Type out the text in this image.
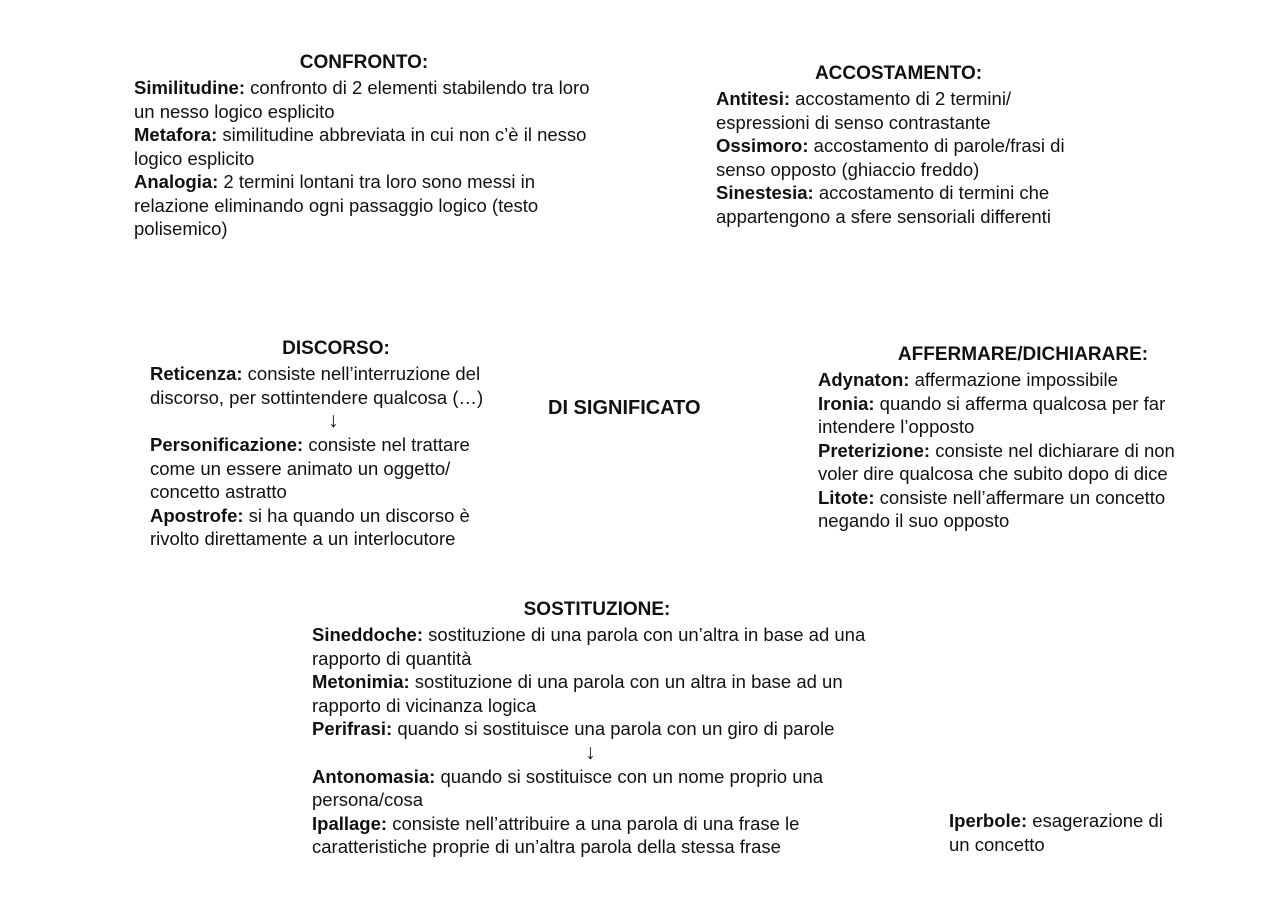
CONFRONTO:

Similitudine: confronto di 2 elementi stabilendo tra loro un nesso logico esplicito

Metafora: similitudine abbreviata in cui non c’è il nesso logico esplicito

Analogia: 2 termini lontani tra loro sono messi in relazione eliminando ogni passaggio logico (testo polisemico)

ACCOSTAMENTO:

Antitesi: accostamento di 2 termini/ espressioni di senso contrastante

Ossimoro: accostamento di parole/frasi di senso opposto (ghiaccio freddo)

Sinestesia: accostamento di termini che appartengono a sfere sensoriali differenti

DISCORSO:

Reticenza: consiste nell’interruzione del discorso, per sottintendere qualcosa (…)

↓

Personificazione: consiste nel trattare come un essere animato un oggetto/ concetto astratto

Apostrofe: si ha quando un discorso è rivolto direttamente a un interlocutore

DI SIGNIFICATO
AFFERMARE/DICHIARARE:

Adynaton: affermazione impossibile

Ironia: quando si afferma qualcosa per far intendere l’opposto

Preterizione: consiste nel dichiarare di non voler dire qualcosa che subito dopo di dice

Litote: consiste nell’affermare un concetto negando il suo opposto

SOSTITUZIONE:

Sineddoche: sostituzione di una parola con un’altra in base ad una rapporto di quantità

Metonimia: sostituzione di una parola con un altra in base ad un rapporto di vicinanza logica

Perifrasi: quando si sostituisce una parola con un giro di parole

↓

Antonomasia: quando si sostituisce con un nome proprio una persona/cosa

Ipallage: consiste nell’attribuire a una parola di una frase le caratteristiche proprie di un’altra parola della stessa frase

Iperbole: esagerazione di un concetto
